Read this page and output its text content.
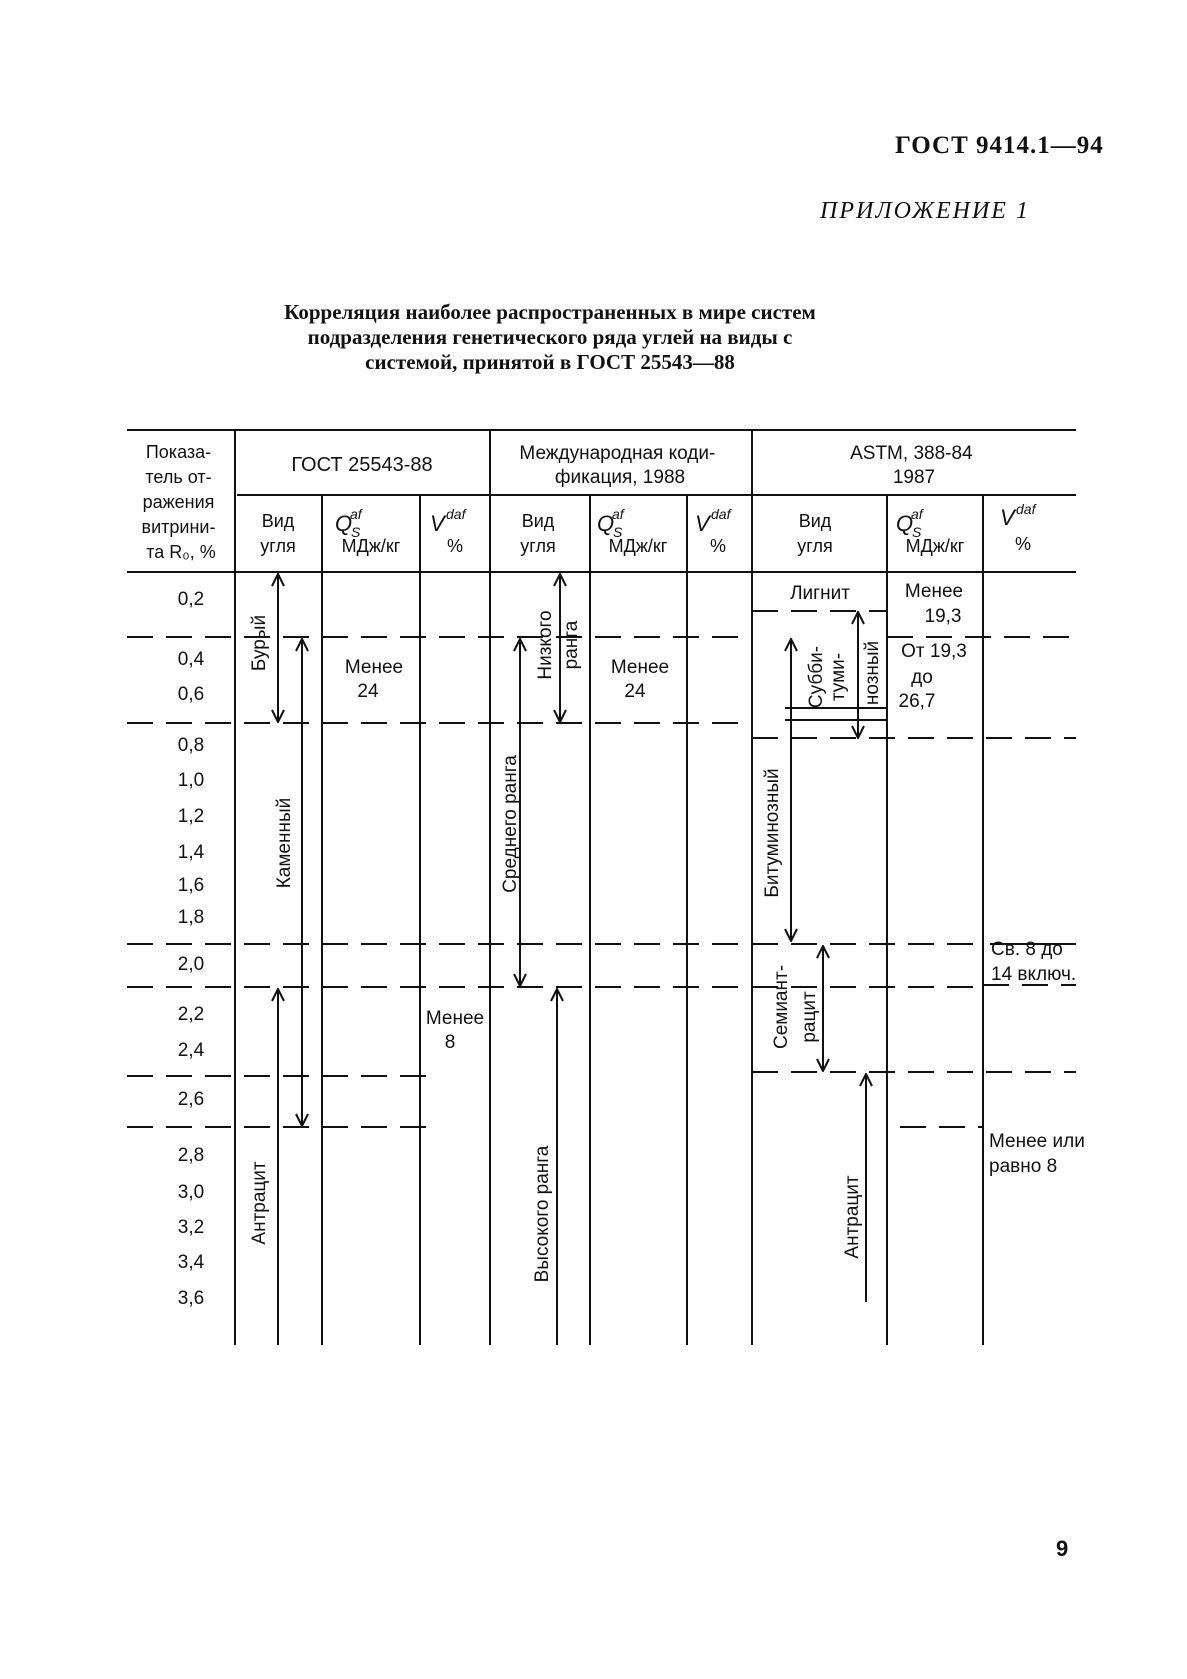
ГОСТ 9414.1—94
ПРИЛОЖЕНИЕ 1
Корреляция наиболее распространенных в мире систем
подразделения генетического ряда углей на виды с
системой, принятой в ГОСТ 25543—88
Показа- тель от- ражения витрини- та R₀, %
ГОСТ 25543-88
Международная коди- фикация, 1988
ASTM, 388-84 1987
Вид
угля
Q
S
af
МДж/кг
V daf
%
Вид
угля
Q
S
af
МДж/кг
V daf
%
Вид
угля
Q
S
af
МДж/кг
V daf
%
0,2
0,4
0,6
0,8
1,0
1,2
1,4
1,6
1,8
2,0
2,2
2,4
2,6
2,8
3,0
3,2
3,4
3,6
Бурый
Каменный
Антрацит
Менее
24
Менее
8
Низкого ранга
Среднего ранга
Высокого ранга
Менее
24
Лигнит	Менее
19,3
Субби- туми- нозный От 19,3
до
26,7
Битуминозный
Семиант- рацит
Антрацит
Св. 8 до
14 включ.
Менее или
равно 8
9
